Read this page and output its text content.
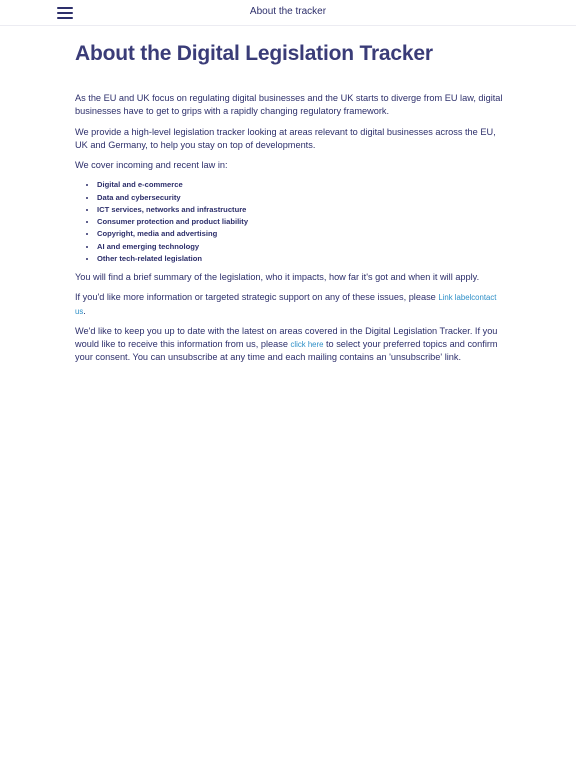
About the tracker
About the Digital Legislation Tracker

As the EU and UK focus on regulating digital businesses and the UK starts to diverge from EU law, digital businesses have to get to grips with a rapidly changing regulatory framework.

We provide a high-level legislation tracker looking at areas relevant to digital businesses across the EU, UK and Germany, to help you stay on top of developments.

We cover incoming and recent law in:

• Digital and e-commerce
• Data and cybersecurity
• ICT services, networks and infrastructure
• Consumer protection and product liability
• Copyright, media and advertising
• AI and emerging technology
• Other tech-related legislation

You will find a brief summary of the legislation, who it impacts, how far it's got and when it will apply.

If you'd like more information or targeted strategic support on any of these issues, please Link labelcontact us.

We'd like to keep you up to date with the latest on areas covered in the Digital Legislation Tracker. If you would like to receive this information from us, please click here to select your preferred topics and confirm your consent. You can unsubscribe at any time and each mailing contains an 'unsubscribe' link.
